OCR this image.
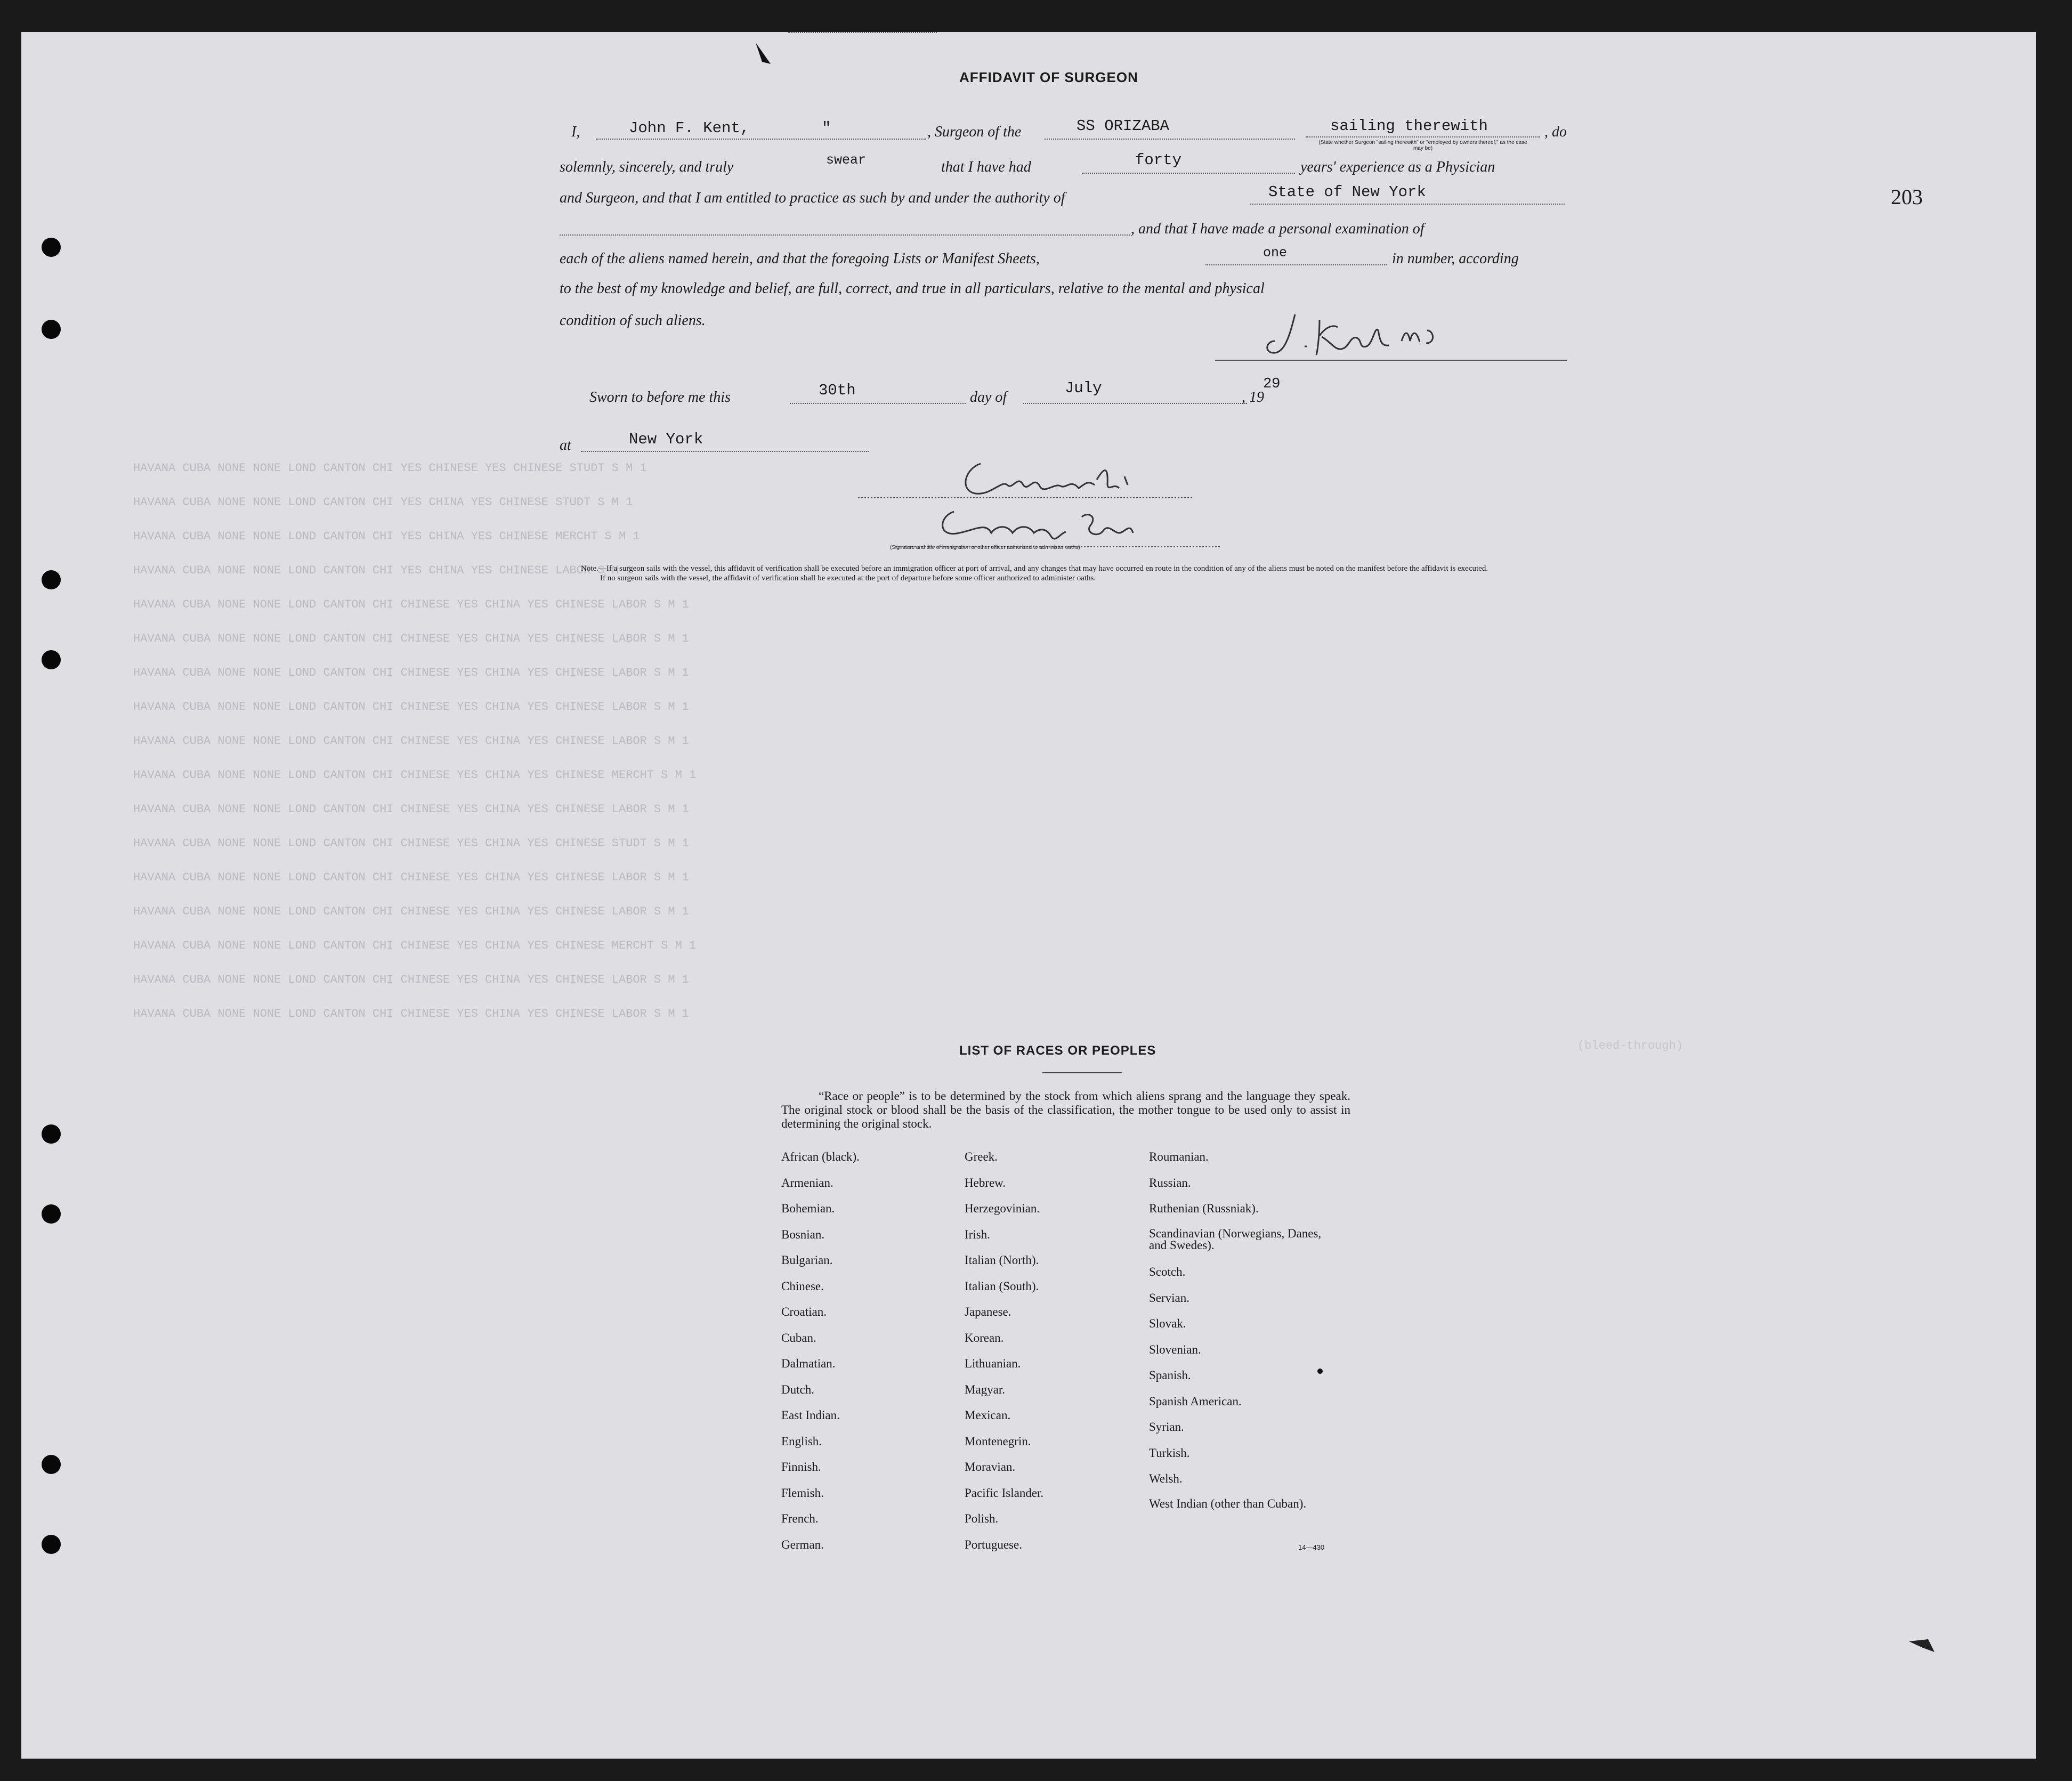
HAVANA CUBA NONE NONE LOND CANTON CHI YES CHINESE YES CHINESE STUDT S M 1
HAVANA CUBA NONE NONE LOND CANTON CHI YES CHINA YES CHINESE STUDT S M 1
HAVANA CUBA NONE NONE LOND CANTON CHI YES CHINA YES CHINESE MERCHT S M 1
HAVANA CUBA NONE NONE LOND CANTON CHI YES CHINA YES CHINESE LABOR S M 1
HAVANA CUBA NONE NONE LOND CANTON CHI CHINESE YES CHINA YES CHINESE LABOR S M 1
HAVANA CUBA NONE NONE LOND CANTON CHI CHINESE YES CHINA YES CHINESE LABOR S M 1
HAVANA CUBA NONE NONE LOND CANTON CHI CHINESE YES CHINA YES CHINESE LABOR S M 1
HAVANA CUBA NONE NONE LOND CANTON CHI CHINESE YES CHINA YES CHINESE LABOR S M 1
HAVANA CUBA NONE NONE LOND CANTON CHI CHINESE YES CHINA YES CHINESE LABOR S M 1
HAVANA CUBA NONE NONE LOND CANTON CHI CHINESE YES CHINA YES CHINESE MERCHT S M 1
HAVANA CUBA NONE NONE LOND CANTON CHI CHINESE YES CHINA YES CHINESE LABOR S M 1
HAVANA CUBA NONE NONE LOND CANTON CHI CHINESE YES CHINA YES CHINESE STUDT S M 1
HAVANA CUBA NONE NONE LOND CANTON CHI CHINESE YES CHINA YES CHINESE LABOR S M 1
HAVANA CUBA NONE NONE LOND CANTON CHI CHINESE YES CHINA YES CHINESE LABOR S M 1
HAVANA CUBA NONE NONE LOND CANTON CHI CHINESE YES CHINA YES CHINESE MERCHT S M 1
HAVANA CUBA NONE NONE LOND CANTON CHI CHINESE YES CHINA YES CHINESE LABOR S M 1
HAVANA CUBA NONE NONE LOND CANTON CHI CHINESE YES CHINA YES CHINESE LABOR S M 1
(bleed-through)
203
AFFIDAVIT OF SURGEON
I,	John F. Kent,	"	, Surgeon of the	SS ORIZABA	sailing therewith
(State whether Surgeon "sailing therewith" or "employed by owners thereof," as the case may be)
, do
solemnly, sincerely, and truly	swear	that I have had	forty	years' experience as a Physician
and Surgeon, and that I am entitled to practice as such by and under the authority of	State of New York
, and that I have made a personal examination of
each of the aliens named herein, and that the foregoing Lists or Manifest Sheets,	one	in number, according
to the best of my knowledge and belief, are full, correct, and true in all particulars, relative to the mental and physical
condition of such aliens.
Sworn to before me this	30th	day of
July
, 19
29
at	New York
(Signature and title of immigration or other officer authorized to administer oaths)
Note.—If a surgeon sails with the vessel, this affidavit of verification shall be executed before an immigration officer at port of arrival, and any changes that may have occurred en route in the condition of any of the aliens must be noted on the manifest before the affidavit is executed.
If no surgeon sails with the vessel, the affidavit of verification shall be executed at the port of departure before some officer authorized to administer oaths.
LIST OF RACES OR PEOPLES
“Race or people” is to be determined by the stock from which aliens sprang and the language they speak. The original stock or blood shall be the basis of the classification, the mother tongue to be used only to assist in determining the original stock.
African (black).
Armenian.
Bohemian.
Bosnian.
Bulgarian.
Chinese.
Croatian.
Cuban.
Dalmatian.
Dutch.
East Indian.
English.
Finnish.
Flemish.
French.
German.
Greek.
Hebrew.
Herzegovinian.
Irish.
Italian (North).
Italian (South).
Japanese.
Korean.
Lithuanian.
Magyar.
Mexican.
Montenegrin.
Moravian.
Pacific Islander.
Polish.
Portuguese.
Roumanian.
Russian.
Ruthenian (Russniak).
Scandinavian (Norwegians, Danes, and Swedes).
Scotch.
Servian.
Slovak.
Slovenian.
Spanish.
Spanish American.
Syrian.
Turkish.
Welsh.
West Indian (other than Cuban).
14—430
